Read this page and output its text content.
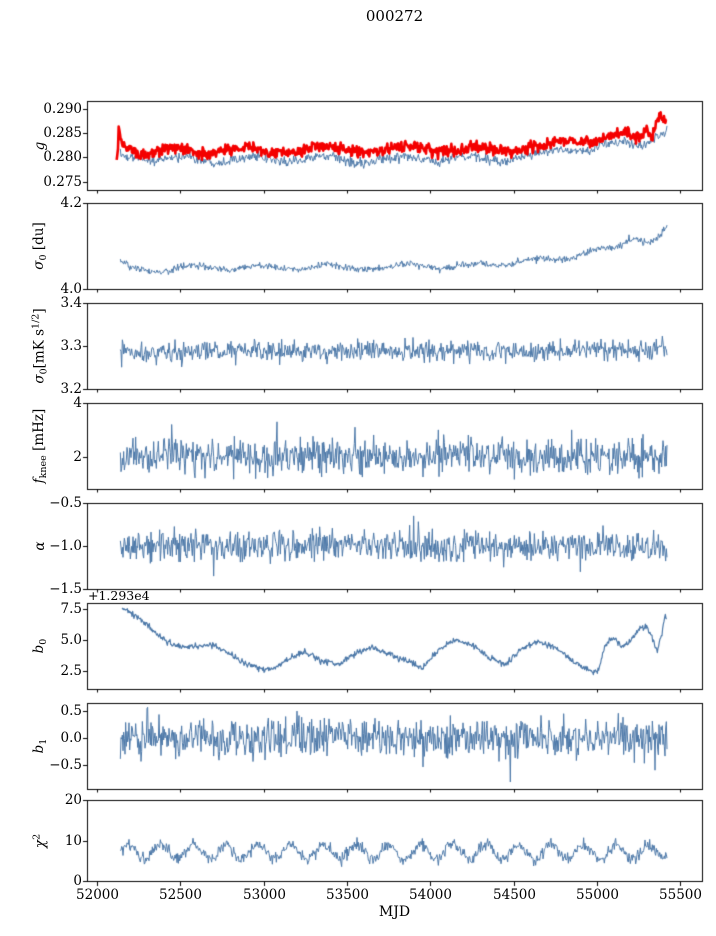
000272
MJD
0.275
0.280
0.285
0.290
g
4.0
4.2
$\sigma_0$ [du]
3.2
3.3
3.4
$\sigma_0[mK$ $s^{1/2}$]
2
4
$f_{knee}$ [mHz]
−1.5
−1.0
−0.5
α
2.5
5.0
7.5
$b_0$
+1.293e4
−0.5
0.0
0.5
$b_1$
0
10
20
52000	52500	53000	53500	54000	54500	55000	55500
$\chi^2$
